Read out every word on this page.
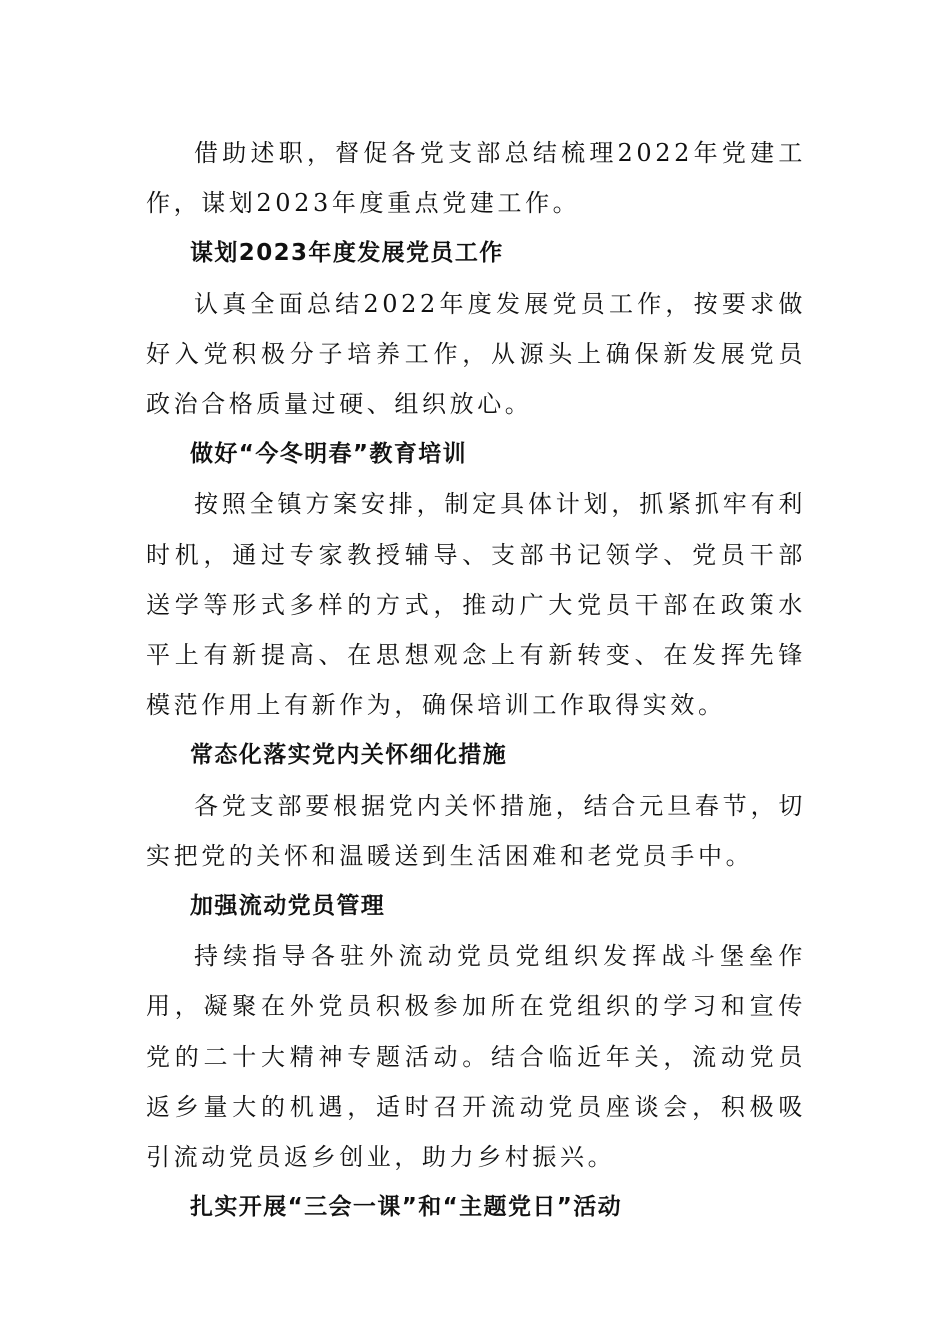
借助述职，督促各党支部总结梳理2022年党建工作，谋划2023年度重点党建工作。

谋划2023年度发展党员工作

认真全面总结2022年度发展党员工作，按要求做好入党积极分子培养工作，从源头上确保新发展党员政治合格质量过硬、组织放心。

做好“今冬明春”教育培训

按照全镇方案安排，制定具体计划，抓紧抓牢有利时机，通过专家教授辅导、支部书记领学、党员干部送学等形式多样的方式，推动广大党员干部在政策水平上有新提高、在思想观念上有新转变、在发挥先锋模范作用上有新作为，确保培训工作取得实效。

常态化落实党内关怀细化措施

各党支部要根据党内关怀措施，结合元旦春节，切实把党的关怀和温暖送到生活困难和老党员手中。

加强流动党员管理

持续指导各驻外流动党员党组织发挥战斗堡垒作用，凝聚在外党员积极参加所在党组织的学习和宣传党的二十大精神专题活动。结合临近年关，流动党员返乡量大的机遇，适时召开流动党员座谈会，积极吸引流动党员返乡创业，助力乡村振兴。

扎实开展“三会一课”和“主题党日”活动
